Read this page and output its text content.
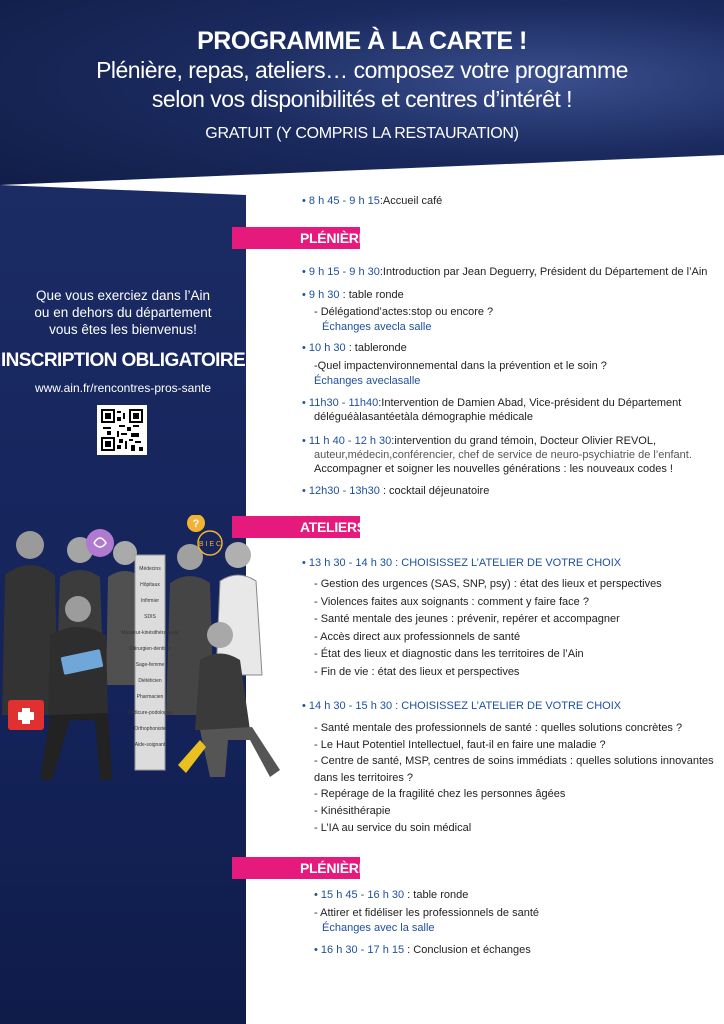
PROGRAMME À LA CARTE !
Plénière, repas, ateliers… composez votre programme
selon vos disponibilités et centres d’intérêt !
GRATUIT (Y COMPRIS LA RESTAURATION)
Que vous exerciez dans l’Ain
ou en dehors du département
vous êtes les bienvenus!
INSCRIPTION OBLIGATOIRE
www.ain.fr/rencontres-pros-sante
Médecins
Hôpitaux
Infirmier
SDIS
Masseur-kinésithérapeute
Chirurgien-dentiste
Sage-femme
Diététicien
Pharmacien
Pédicure-podologue
Orthophoniste
Aide-soignant
?
B I E C
• 8 h 45 - 9 h 15:Accueil café
PLÉNIÈRE
• 9 h 15 - 9 h 30:Introduction par Jean Deguerry, Président du Département de l’Ain
• 9 h 30 : table ronde
- Délégationd’actes:stop ou encore ?
Échanges avecla salle
• 10 h 30 : tableronde
-Quel impactenvironnemental dans la prévention et le soin ?
Échanges aveclasalle
• 11h30 - 11h40:Intervention de Damien Abad, Vice-président du Département
déléguéàlasantéetàla démographie médicale
• 11 h 40 - 12 h 30:intervention du grand témoin, Docteur Olivier REVOL,
auteur,médecin,conférencier, chef de service de neuro-psychiatrie de l’enfant.
Accompagner et soigner les nouvelles générations : les nouveaux codes !
• 12h30 - 13h30 : cocktail déjeunatoire
ATELIERS
• 13 h 30 - 14 h 30 : CHOISISSEZ L’ATELIER DE VOTRE CHOIX
- Gestion des urgences (SAS, SNP, psy) : état des lieux et perspectives
- Violences faites aux soignants : comment y faire face ?
- Santé mentale des jeunes : prévenir, repérer et accompagner
- Accès direct aux professionnels de santé
- État des lieux et diagnostic dans les territoires de l’Ain
- Fin de vie : état des lieux et perspectives
• 14 h 30 - 15 h 30 : CHOISISSEZ L’ATELIER DE VOTRE CHOIX
- Santé mentale des professionnels de santé : quelles solutions concrètes ?
- Le Haut Potentiel Intellectuel, faut-il en faire une maladie ?
- Centre de santé, MSP, centres de soins immédiats : quelles solutions innovantes
dans les territoires ?
- Repérage de la fragilité chez les personnes âgées
- Kinésithérapie
- L’IA au service du soin médical
PLÉNIÈRE
• 15 h 45 - 16 h 30 : table ronde
- Attirer et fidéliser les professionnels de santé
Échanges avec la salle
• 16 h 30 - 17 h 15 : Conclusion et échanges
